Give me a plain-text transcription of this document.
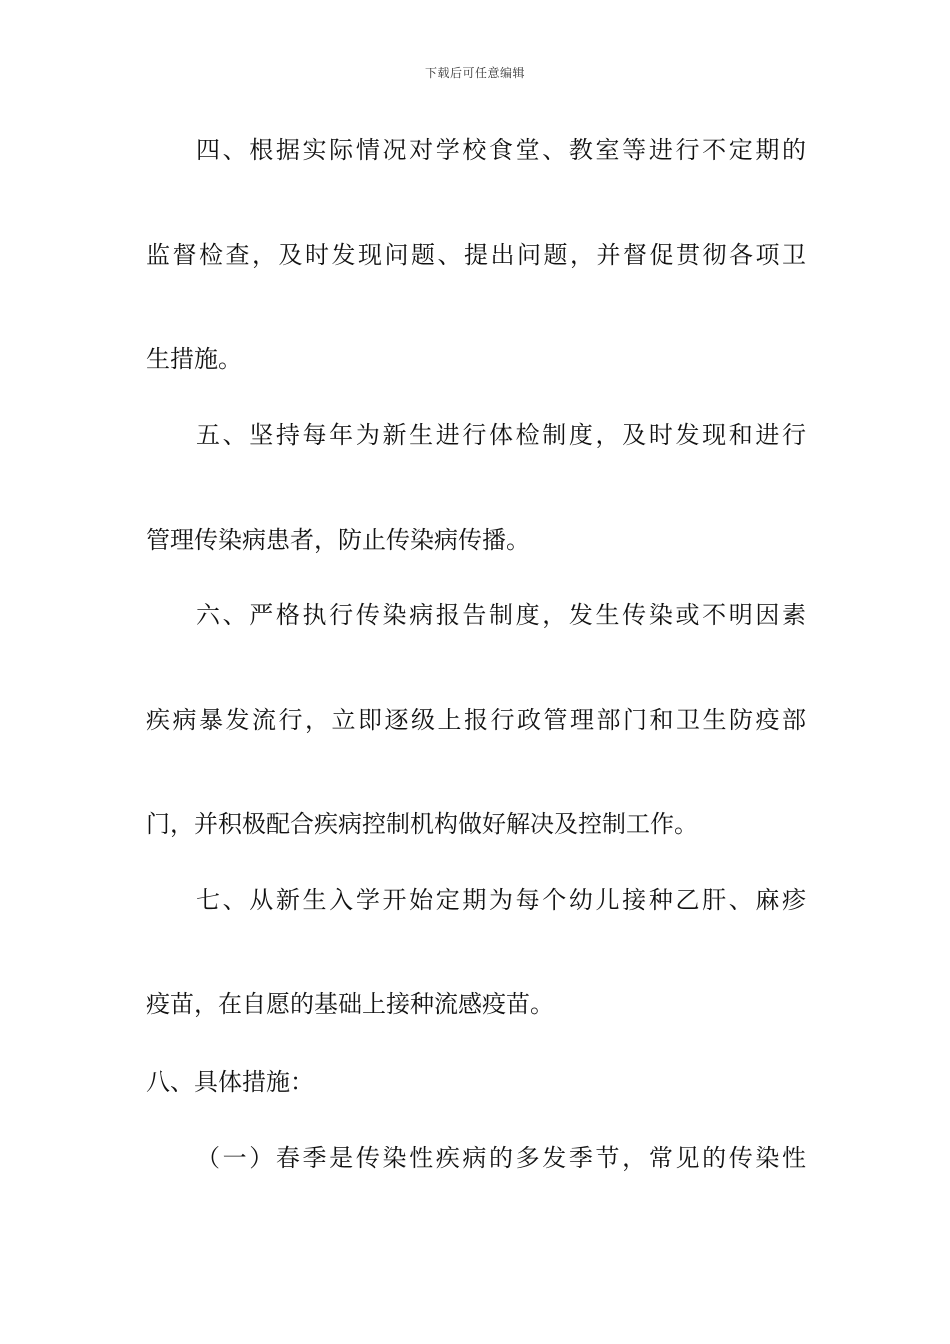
下载后可任意编辑
四、根据实际情况对学校食堂、教室等进行不定期的
监督检查，及时发现问题、提出问题，并督促贯彻各项卫
生措施。
五、坚持每年为新生进行体检制度，及时发现和进行
管理传染病患者，防止传染病传播。
六、严格执行传染病报告制度，发生传染或不明因素
疾病暴发流行，立即逐级上报行政管理部门和卫生防疫部
门，并积极配合疾病控制机构做好解决及控制工作。
七、从新生入学开始定期为每个幼儿接种乙肝、麻疹
疫苗，在自愿的基础上接种流感疫苗。
八、具体措施：
（一）春季是传染性疾病的多发季节，常见的传染性
